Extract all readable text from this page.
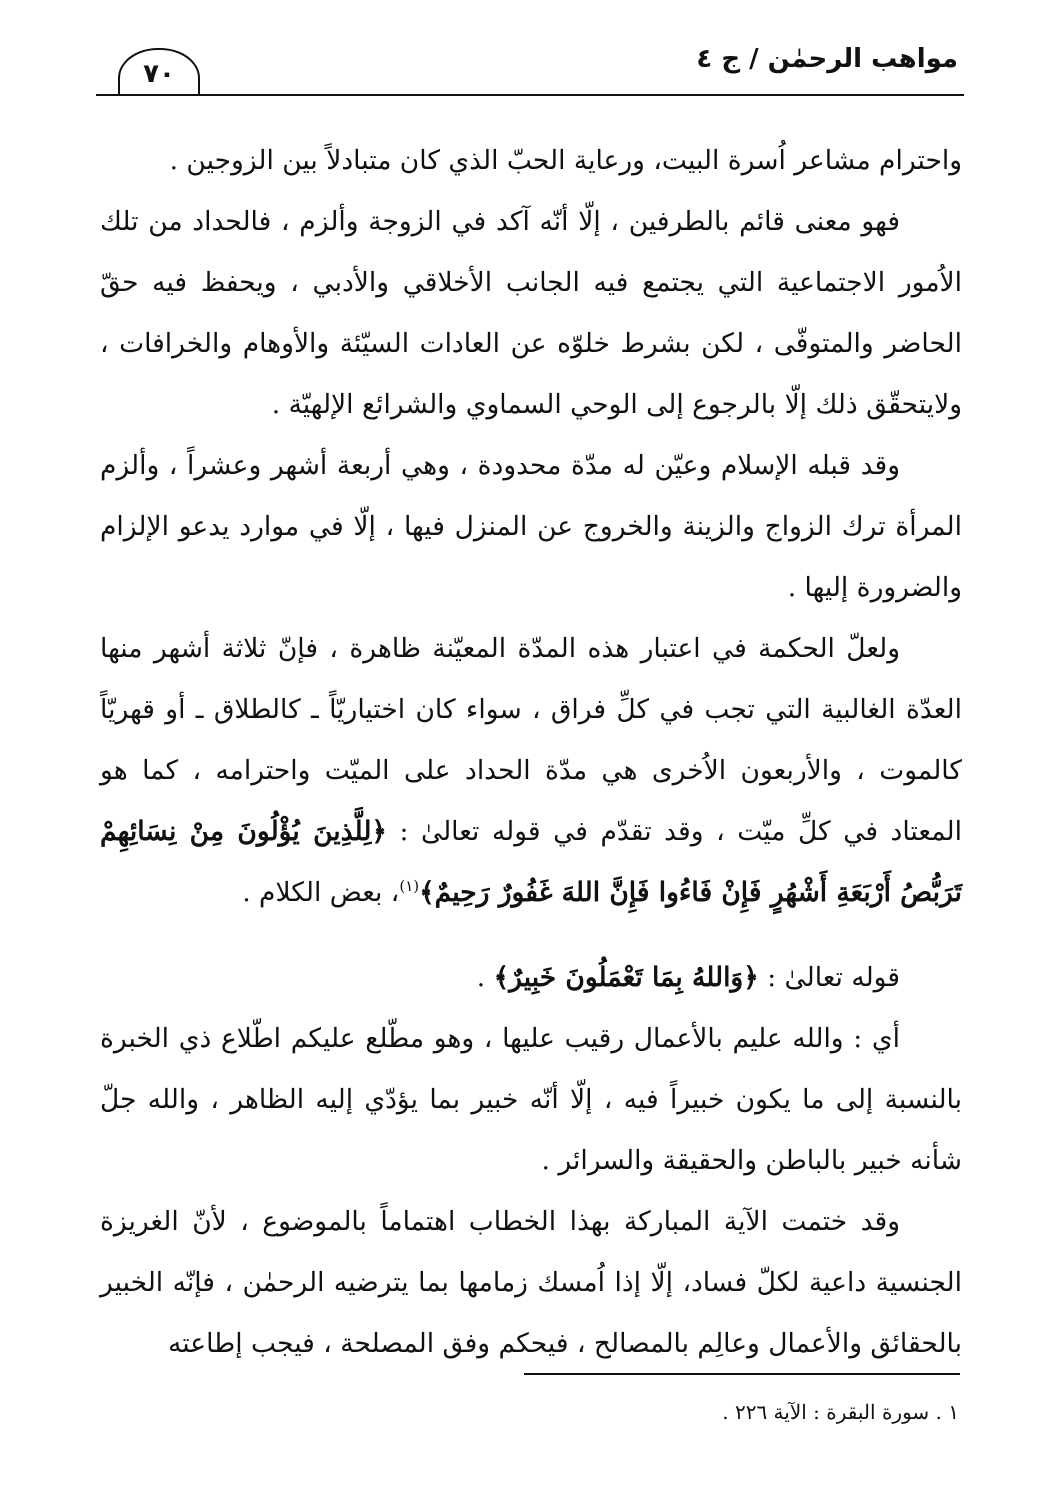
مواهب الرحمٰن / ج ٤
٧٠

واحترام مشاعر اُسرة البيت، ورعاية الحبّ الذي كان متبادلاً بين الزوجين .

فهو معنى قائم بالطرفين ، إلّا أنّه آكد في الزوجة وألزم ، فالحداد من تلك الاُمور الاجتماعية التي يجتمع فيه الجانب الأخلاقي والأدبي ، ويحفظ فيه حقّ الحاضر والمتوفّى ، لكن بشرط خلوّه عن العادات السيّئة والأوهام والخرافات ، ولايتحقّق ذلك إلّا بالرجوع إلى الوحي السماوي والشرائع الإلهيّة .

وقد قبله الإسلام وعيّن له مدّة محدودة ، وهي أربعة أشهر وعشراً ، وألزم المرأة ترك الزواج والزينة والخروج عن المنزل فيها ، إلّا في موارد يدعو الإلزام والضرورة إليها .

ولعلّ الحكمة في اعتبار هذه المدّة المعيّنة ظاهرة ، فإنّ ثلاثة أشهر منها العدّة الغالبية التي تجب في كلِّ فراق ، سواء كان اختياريّاً ـ كالطلاق ـ أو قهريّاً كالموت ، والأربعون الاُخرى هي مدّة الحداد على الميّت واحترامه ، كما هو المعتاد في كلِّ ميّت ، وقد تقدّم في قوله تعالىٰ : ﴿لِلَّذِينَ يُؤْلُونَ مِنْ نِسَائِهِمْ تَرَبُّصُ أَرْبَعَةِ أَشْهُرٍ فَإِنْ فَاءُوا فَإِنَّ اللهَ غَفُورٌ رَحِيمٌ﴾$^{(١)}$، بعض الكلام .

قوله تعالىٰ : ﴿وَاللهُ بِمَا تَعْمَلُونَ خَبِيرٌ﴾ .

أي : والله عليم بالأعمال رقيب عليها ، وهو مطّلع عليكم اطّلاع ذي الخبرة بالنسبة إلى ما يكون خبيراً فيه ، إلّا أنّه خبير بما يؤدّي إليه الظاهر ، والله جلّ شأنه خبير بالباطن والحقيقة والسرائر .

وقد ختمت الآية المباركة بهذا الخطاب اهتماماً بالموضوع ، لأنّ الغريزة الجنسية داعية لكلّ فساد، إلّا إذا اُمسك زمامها بما يترضيه الرحمٰن ، فإنّه الخبير بالحقائق والأعمال وعالِم بالمصالح ، فيحكم وفق المصلحة ، فيجب إطاعته

١ . سورة البقرة : الآية ٢٢٦ .
